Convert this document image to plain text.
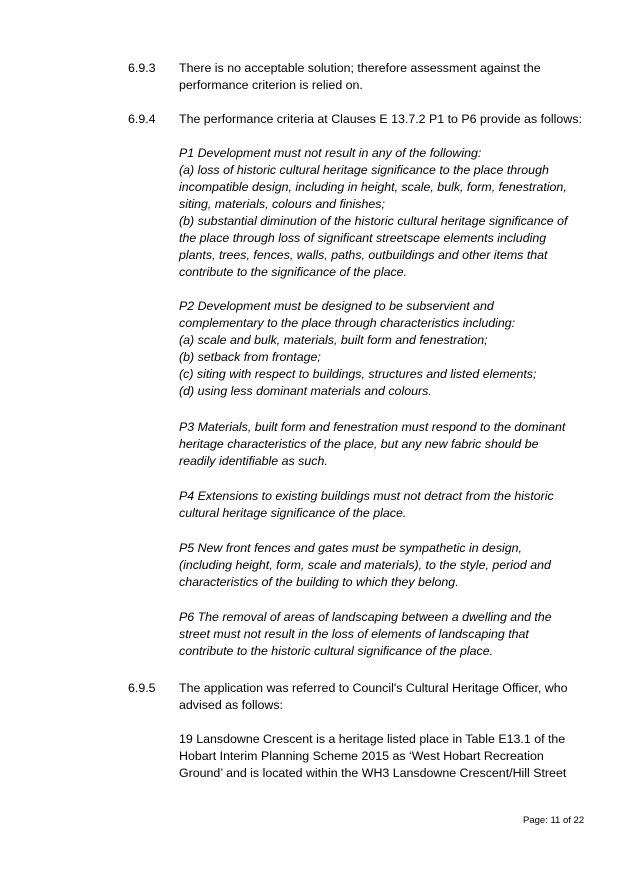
6.9.3	There is no acceptable solution; therefore assessment against the
performance criterion is relied on.
6.9.4	The performance criteria at Clauses E 13.7.2 P1 to P6 provide as follows:
P1 Development must not result in any of the following:
(a) loss of historic cultural heritage significance to the place through
incompatible design, including in height, scale, bulk, form, fenestration,
siting, materials, colours and finishes;
(b) substantial diminution of the historic cultural heritage significance of
the place through loss of significant streetscape elements including
plants, trees, fences, walls, paths, outbuildings and other items that
contribute to the significance of the place.
P2 Development must be designed to be subservient and
complementary to the place through characteristics including:
(a) scale and bulk, materials, built form and fenestration;
(b) setback from frontage;
(c) siting with respect to buildings, structures and listed elements;
(d) using less dominant materials and colours.
P3 Materials, built form and fenestration must respond to the dominant
heritage characteristics of the place, but any new fabric should be
readily identifiable as such.
P4 Extensions to existing buildings must not detract from the historic
cultural heritage significance of the place.
P5 New front fences and gates must be sympathetic in design,
(including height, form, scale and materials), to the style, period and
characteristics of the building to which they belong.
P6 The removal of areas of landscaping between a dwelling and the
street must not result in the loss of elements of landscaping that
contribute to the historic cultural significance of the place.
6.9.5	The application was referred to Council's Cultural Heritage Officer, who
advised as follows:
19 Lansdowne Crescent is a heritage listed place in Table E13.1 of the
Hobart Interim Planning Scheme 2015 as ‘West Hobart Recreation
Ground’ and is located within the WH3 Lansdowne Crescent/Hill Street
Page: 11 of 22
